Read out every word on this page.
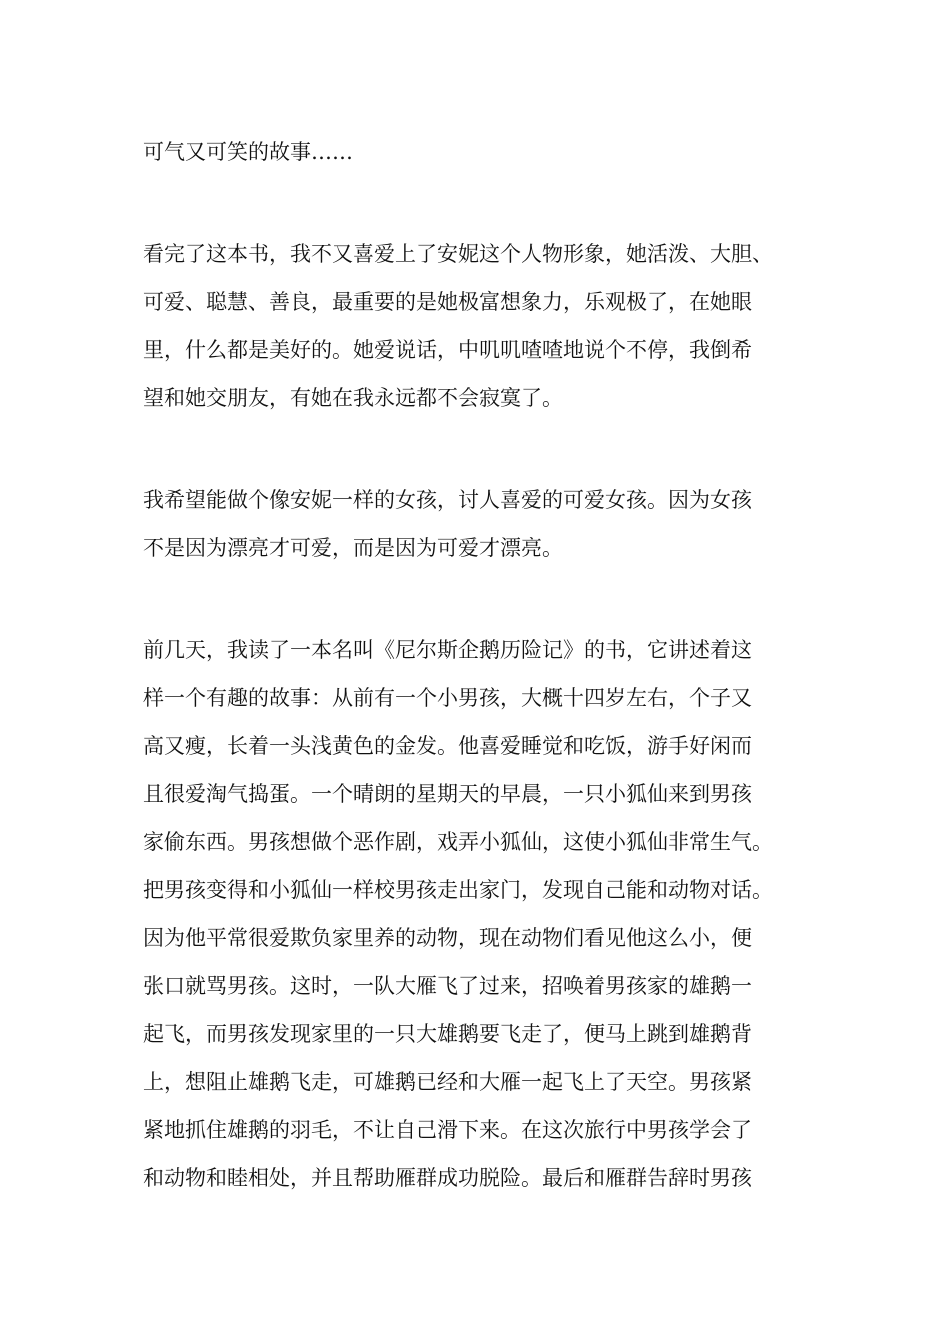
可气又可笑的故事……
看完了这本书，我不又喜爱上了安妮这个人物形象，她活泼、大胆、
可爱、聪慧、善良，最重要的是她极富想象力，乐观极了，在她眼
里，什么都是美好的。她爱说话，中叽叽喳喳地说个不停，我倒希
望和她交朋友，有她在我永远都不会寂寞了。
我希望能做个像安妮一样的女孩，讨人喜爱的可爱女孩。因为女孩
不是因为漂亮才可爱，而是因为可爱才漂亮。
前几天，我读了一本名叫《尼尔斯企鹅历险记》的书，它讲述着这
样一个有趣的故事：从前有一个小男孩，大概十四岁左右，个子又
高又瘦，长着一头浅黄色的金发。他喜爱睡觉和吃饭，游手好闲而
且很爱淘气捣蛋。一个晴朗的星期天的早晨，一只小狐仙来到男孩
家偷东西。男孩想做个恶作剧，戏弄小狐仙，这使小狐仙非常生气。
把男孩变得和小狐仙一样校男孩走出家门，发现自己能和动物对话。
因为他平常很爱欺负家里养的动物，现在动物们看见他这么小，便
张口就骂男孩。这时，一队大雁飞了过来，招唤着男孩家的雄鹅一
起飞，而男孩发现家里的一只大雄鹅要飞走了，便马上跳到雄鹅背
上，想阻止雄鹅飞走，可雄鹅已经和大雁一起飞上了天空。男孩紧
紧地抓住雄鹅的羽毛，不让自己滑下来。在这次旅行中男孩学会了
和动物和睦相处，并且帮助雁群成功脱险。最后和雁群告辞时男孩
